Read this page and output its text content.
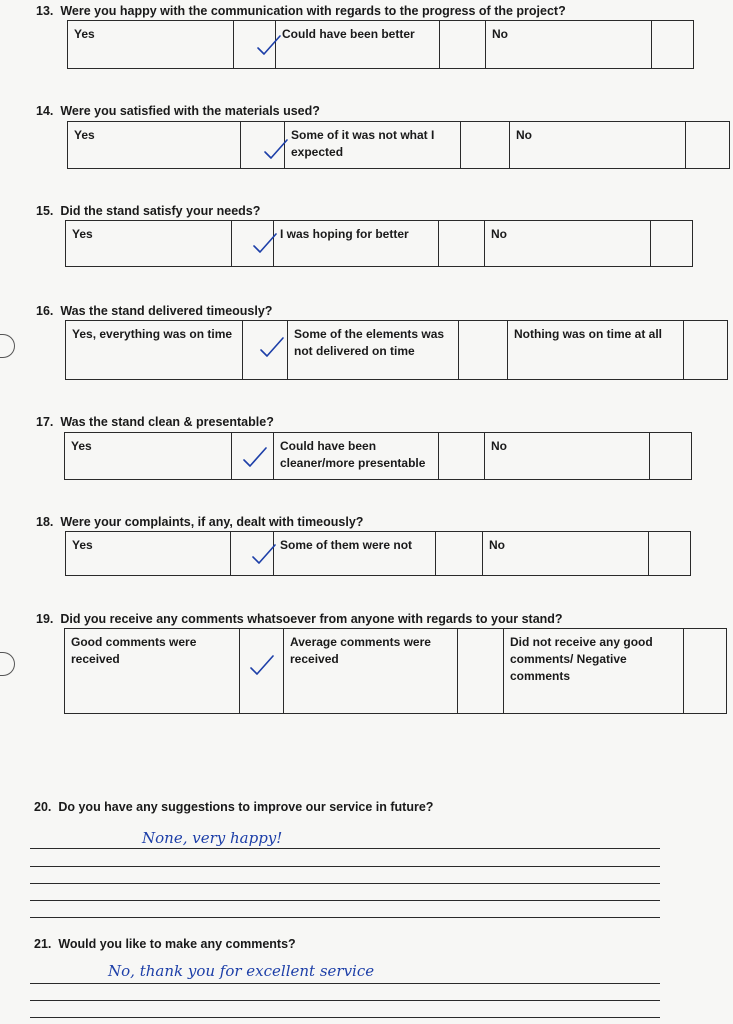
13. Were you happy with the communication with regards to the progress of the project?
Yes		Could have been better		No	
14. Were you satisfied with the materials used?
Yes		Some of it was not what I expected		No	
15. Did the stand satisfy your needs?
Yes		I was hoping for better		No	
16. Was the stand delivered timeously?
Yes, everything was on time		Some of the elements was not delivered on time		Nothing was on time at all	
17. Was the stand clean & presentable?
Yes		Could have been cleaner/more presentable		No	
18. Were your complaints, if any, dealt with timeously?
Yes		Some of them were not		No	
19. Did you receive any comments whatsoever from anyone with regards to your stand?
Good comments were received		Average comments were received		Did not receive any good comments/ Negative comments	
20. Do you have any suggestions to improve our service in future?
None, very happy!
21. Would you like to make any comments?
No, thank you for excellent service
